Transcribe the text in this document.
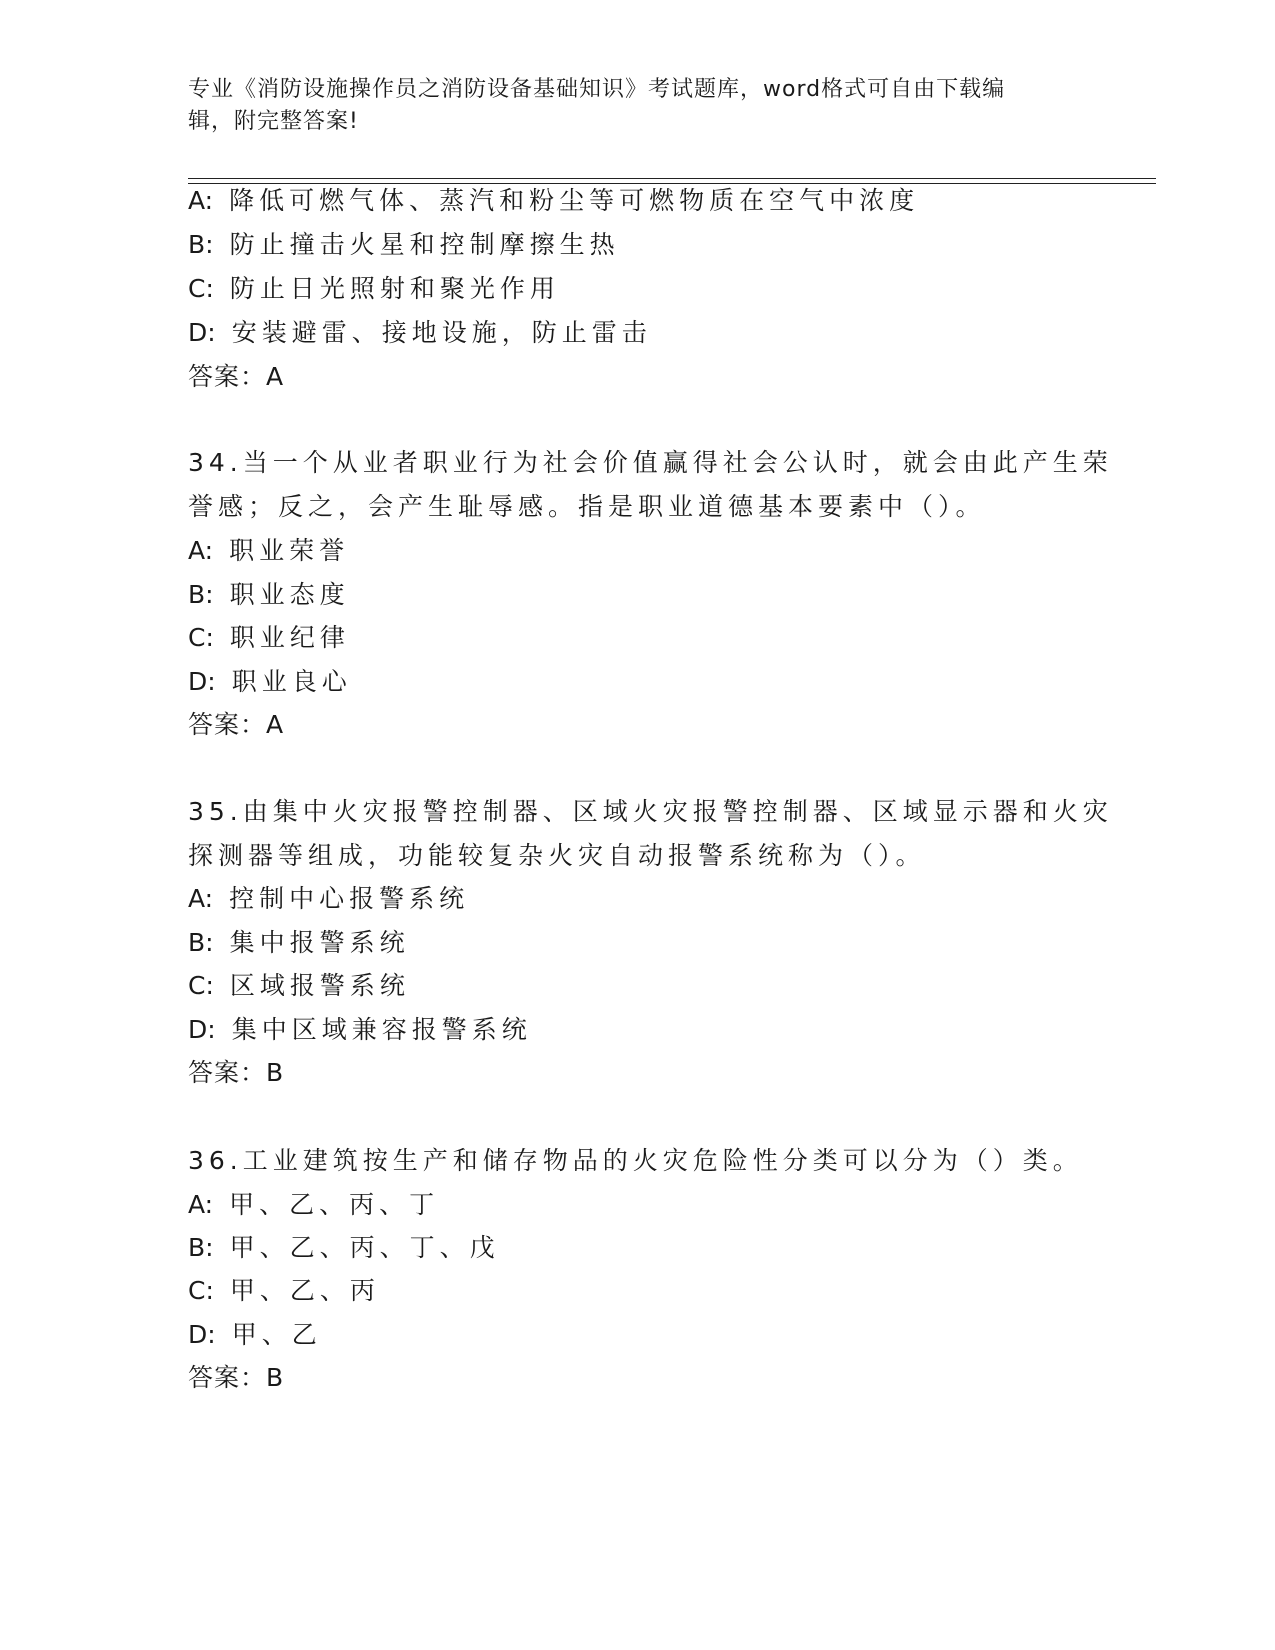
专业《消防设施操作员之消防设备基础知识》考试题库，word格式可自由下载编
辑，附完整答案!
A: 降低可燃气体、蒸汽和粉尘等可燃物质在空气中浓度
B: 防止撞击火星和控制摩擦生热
C: 防止日光照射和聚光作用
D: 安装避雷、接地设施，防止雷击
答案：A
34.当一个从业者职业行为社会价值赢得社会公认时，就会由此产生荣
誉感；反之，会产生耻辱感。指是职业道德基本要素中（）。
A: 职业荣誉
B: 职业态度
C: 职业纪律
D: 职业良心
答案：A
35.由集中火灾报警控制器、区域火灾报警控制器、区域显示器和火灾
探测器等组成，功能较复杂火灾自动报警系统称为（）。
A: 控制中心报警系统
B: 集中报警系统
C: 区域报警系统
D: 集中区域兼容报警系统
答案：B
36.工业建筑按生产和储存物品的火灾危险性分类可以分为（）类。
A: 甲、乙、丙、丁
B: 甲、乙、丙、丁、戊
C: 甲、乙、丙
D: 甲、乙
答案：B
